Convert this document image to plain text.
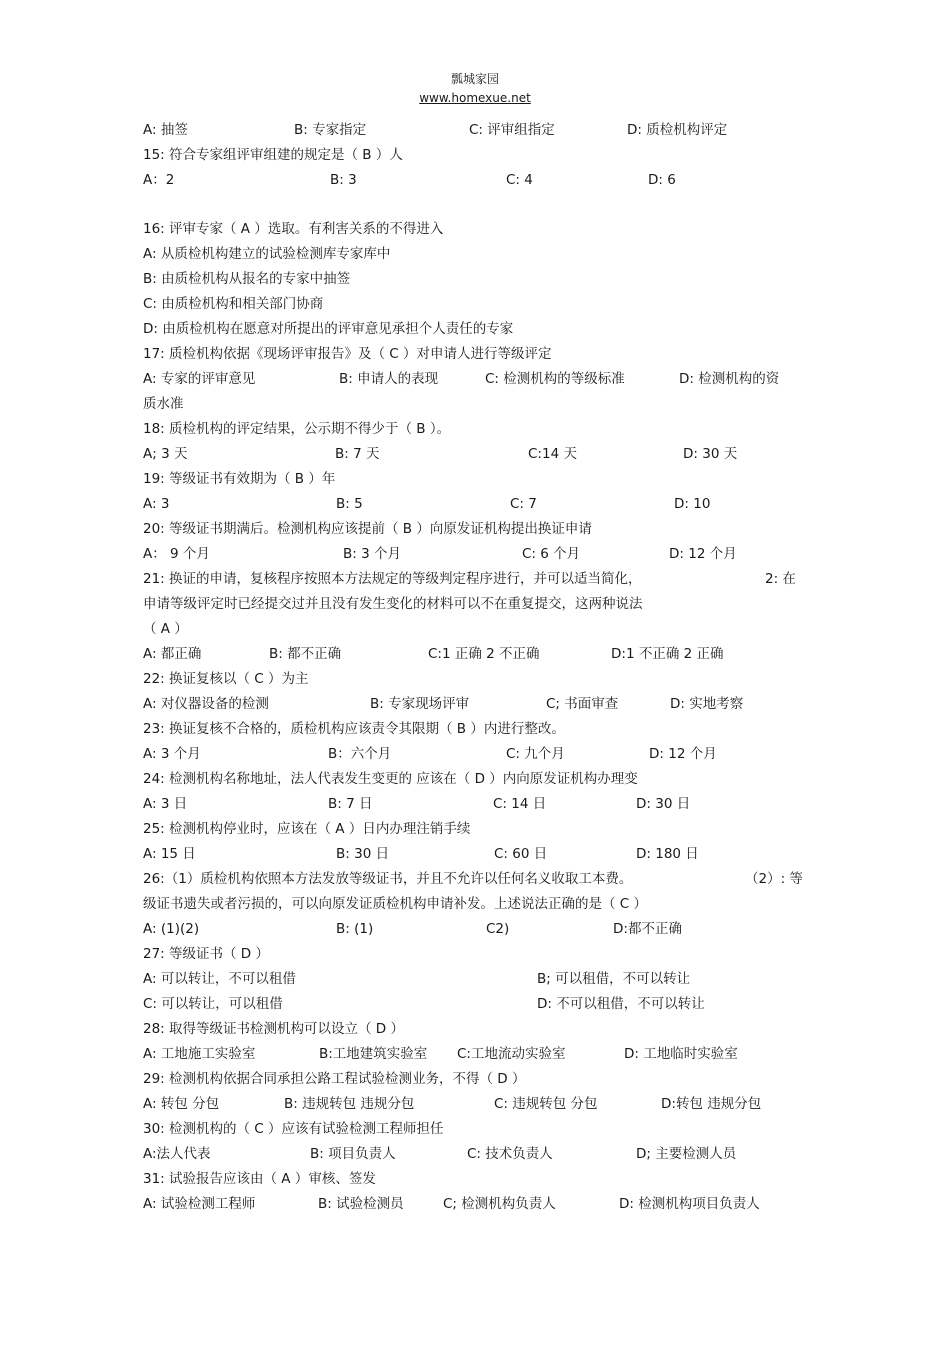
瓢城家园
www.homexue.net
A: 抽签	B: 专家指定	C: 评审组指定	D: 质检机构评定
15: 符合专家组评审组建的规定是（ B ）人
A：2	B: 3	C: 4	D: 6
16: 评审专家（ A ）选取。有利害关系的不得进入
A: 从质检机构建立的试验检测库专家库中
B: 由质检机构从报名的专家中抽签
C: 由质检机构和相关部门协商
D: 由质检机构在愿意对所提出的评审意见承担个人责任的专家
17: 质检机构依据《现场评审报告》及（ C ）对申请人进行等级评定
A: 专家的评审意见	B: 申请人的表现	C: 检测机构的等级标准	D: 检测机构的资
质水准
18: 质检机构的评定结果，公示期不得少于（ B ）。
A; 3 天	B: 7 天	C:14 天	D: 30 天
19: 等级证书有效期为（ B ）年
A: 3	B: 5	C: 7	D: 10
20: 等级证书期满后。检测机构应该提前（ B ）向原发证机构提出换证申请
A： 9 个月	B: 3 个月	C: 6 个月	D: 12 个月
21: 换证的申请，复核程序按照本方法规定的等级判定程序进行，并可以适当简化，	2: 在
申请等级评定时已经提交过并且没有发生变化的材料可以不在重复提交，这两种说法
（ A ）
A: 都正确	B: 都不正确	C:1 正确 2 不正确	D:1 不正确 2 正确
22: 换证复核以（ C ）为主
A: 对仪器设备的检测	B: 专家现场评审	C; 书面审查	D: 实地考察
23: 换证复核不合格的，质检机构应该责令其限期（ B ）内进行整改。
A: 3 个月	B：六个月	C: 九个月	D: 12 个月
24: 检测机构名称地址，法人代表发生变更的 应该在（ D ）内向原发证机构办理变
A: 3 日	B: 7 日	C: 14 日	D: 30 日
25: 检测机构停业时，应该在（ A ）日内办理注销手续
A: 15 日	B: 30 日	C: 60 日	D: 180 日
26:（1）质检机构依照本方法发放等级证书，并且不允许以任何名义收取工本费。	（2）: 等
级证书遗失或者污损的，可以向原发证质检机构申请补发。上述说法正确的是（ C ）
A: (1)(2)	B: (1)	C2)	D:都不正确
27: 等级证书（ D ）
A: 可以转让，不可以租借	B; 可以租借，不可以转让
C: 可以转让，可以租借	D: 不可以租借，不可以转让
28: 取得等级证书检测机构可以设立（ D ）
A: 工地施工实验室	B:工地建筑实验室 C:工地流动实验室	D: 工地临时实验室
29: 检测机构依据合同承担公路工程试验检测业务，不得（ D ）
A: 转包 分包	B: 违规转包 违规分包	C: 违规转包 分包	D:转包 违规分包
30: 检测机构的（ C ）应该有试验检测工程师担任
A:法人代表	B: 项目负责人	C: 技术负责人	D; 主要检测人员
31: 试验报告应该由（ A ）审核、签发
A: 试验检测工程师	B: 试验检测员	C; 检测机构负责人	D: 检测机构项目负责人
